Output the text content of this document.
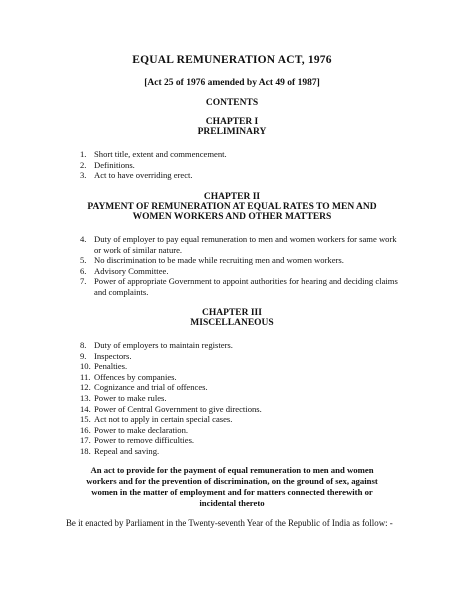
EQUAL REMUNERATION ACT, 1976
[Act 25 of 1976 amended by Act 49 of 1987]
CONTENTS
CHAPTER I
PRELIMINARY
1. Short title, extent and commencement.
2. Definitions.
3. Act to have overriding erect.
CHAPTER II
PAYMENT OF REMUNERATION AT EQUAL RATES TO MEN AND WOMEN WORKERS AND OTHER MATTERS
4. Duty of employer to pay equal remuneration to men and women workers for same work or work of similar nature.
5. No discrimination to be made while recruiting men and women workers.
6. Advisory Committee.
7. Power of appropriate Government to appoint authorities for hearing and deciding claims and complaints.
CHAPTER III
MISCELLANEOUS
8. Duty of employers to maintain registers.
9. Inspectors.
10. Penalties.
11. Offences by companies.
12. Cognizance and trial of offences.
13. Power to make rules.
14. Power of Central Government to give directions.
15. Act not to apply in certain special cases.
16. Power to make declaration.
17. Power to remove difficulties.
18. Repeal and saving.
An act to provide for the payment of equal remuneration to men and women workers and for the prevention of discrimination, on the ground of sex, against women in the matter of employment and for matters connected therewith or incidental thereto
Be it enacted by Parliament in the Twenty-seventh Year of the Republic of India as follow: -
